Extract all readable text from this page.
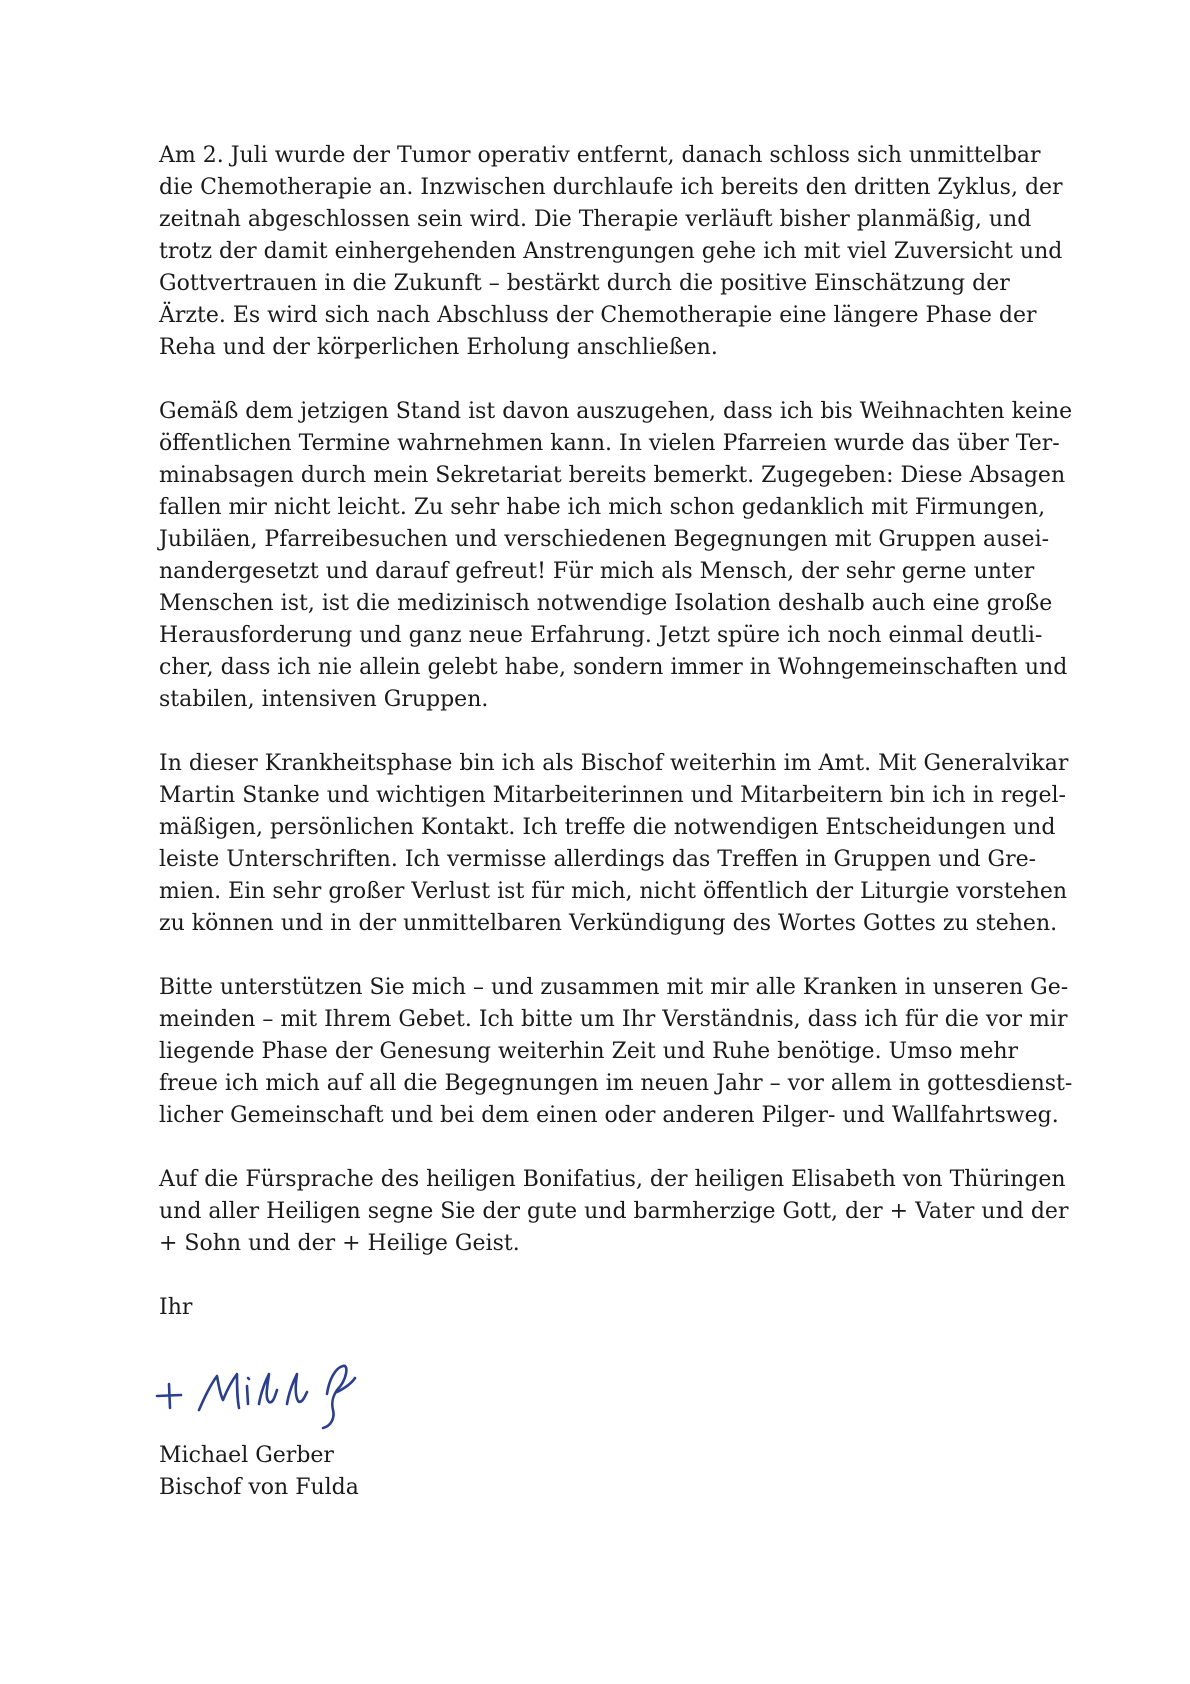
Am 2. Juli wurde der Tumor operativ entfernt, danach schloss sich unmittelbar
die Chemotherapie an. Inzwischen durchlaufe ich bereits den dritten Zyklus, der
zeitnah abgeschlossen sein wird. Die Therapie verläuft bisher planmäßig, und
trotz der damit einhergehenden Anstrengungen gehe ich mit viel Zuversicht und
Gottvertrauen in die Zukunft – bestärkt durch die positive Einschätzung der
Ärzte. Es wird sich nach Abschluss der Chemotherapie eine längere Phase der
Reha und der körperlichen Erholung anschließen.

Gemäß dem jetzigen Stand ist davon auszugehen, dass ich bis Weihnachten keine
öffentlichen Termine wahrnehmen kann. In vielen Pfarreien wurde das über Ter-
minabsagen durch mein Sekretariat bereits bemerkt. Zugegeben: Diese Absagen
fallen mir nicht leicht. Zu sehr habe ich mich schon gedanklich mit Firmungen,
Jubiläen, Pfarreibesuchen und verschiedenen Begegnungen mit Gruppen ausei-
nandergesetzt und darauf gefreut! Für mich als Mensch, der sehr gerne unter
Menschen ist, ist die medizinisch notwendige Isolation deshalb auch eine große
Herausforderung und ganz neue Erfahrung. Jetzt spüre ich noch einmal deutli-
cher, dass ich nie allein gelebt habe, sondern immer in Wohngemeinschaften und
stabilen, intensiven Gruppen.

In dieser Krankheitsphase bin ich als Bischof weiterhin im Amt. Mit Generalvikar
Martin Stanke und wichtigen Mitarbeiterinnen und Mitarbeitern bin ich in regel-
mäßigen, persönlichen Kontakt. Ich treffe die notwendigen Entscheidungen und
leiste Unterschriften. Ich vermisse allerdings das Treffen in Gruppen und Gre-
mien. Ein sehr großer Verlust ist für mich, nicht öffentlich der Liturgie vorstehen
zu können und in der unmittelbaren Verkündigung des Wortes Gottes zu stehen.

Bitte unterstützen Sie mich – und zusammen mit mir alle Kranken in unseren Ge-
meinden – mit Ihrem Gebet. Ich bitte um Ihr Verständnis, dass ich für die vor mir
liegende Phase der Genesung weiterhin Zeit und Ruhe benötige. Umso mehr
freue ich mich auf all die Begegnungen im neuen Jahr – vor allem in gottesdienst-
licher Gemeinschaft und bei dem einen oder anderen Pilger- und Wallfahrtsweg.

Auf die Fürsprache des heiligen Bonifatius, der heiligen Elisabeth von Thüringen
und aller Heiligen segne Sie der gute und barmherzige Gott, der + Vater und der
+ Sohn und der + Heilige Geist.

Ihr

Michael Gerber
Bischof von Fulda
